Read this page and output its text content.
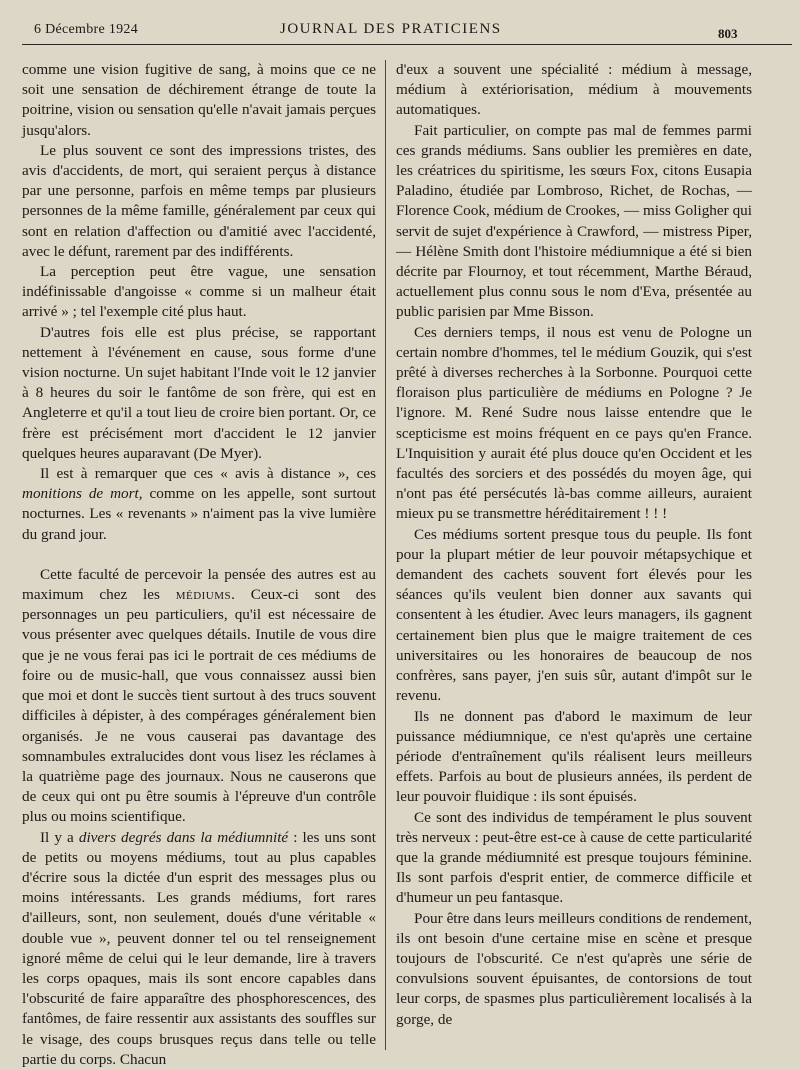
6 Décembre 1924	JOURNAL DES PRATICIENS	803

comme une vision fugitive de sang, à moins que ce ne soit une sensation de déchirement étrange de toute la poitrine, vision ou sensation qu'elle n'avait jamais perçues jusqu'alors.

Le plus souvent ce sont des impressions tristes, des avis d'accidents, de mort, qui seraient perçus à distance par une personne, parfois en même temps par plusieurs personnes de la même famille, généralement par ceux qui sont en relation d'affection ou d'amitié avec l'accidenté, avec le défunt, rarement par des indifférents.

La perception peut être vague, une sensation indéfinissable d'angoisse « comme si un malheur était arrivé » ; tel l'exemple cité plus haut.

D'autres fois elle est plus précise, se rapportant nettement à l'événement en cause, sous forme d'une vision nocturne. Un sujet habitant l'Inde voit le 12 janvier à 8 heures du soir le fantôme de son frère, qui est en Angleterre et qu'il a tout lieu de croire bien portant. Or, ce frère est précisément mort d'accident le 12 janvier quelques heures auparavant (De Myer).

Il est à remarquer que ces « avis à distance », ces monitions de mort, comme on les appelle, sont surtout nocturnes. Les « revenants » n'aiment pas la vive lumière du grand jour.

Cette faculté de percevoir la pensée des autres est au maximum chez les médiums. Ceux-ci sont des personnages un peu particuliers, qu'il est nécessaire de vous présenter avec quelques détails. Inutile de vous dire que je ne vous ferai pas ici le portrait de ces médiums de foire ou de music-hall, que vous connaissez aussi bien que moi et dont le succès tient surtout à des trucs souvent difficiles à dépister, à des compérages généralement bien organisés. Je ne vous causerai pas davantage des somnambules extralucides dont vous lisez les réclames à la quatrième page des journaux. Nous ne causerons que de ceux qui ont pu être soumis à l'épreuve d'un contrôle plus ou moins scientifique.

Il y a divers degrés dans la médiumnité : les uns sont de petits ou moyens médiums, tout au plus capables d'écrire sous la dictée d'un esprit des messages plus ou moins intéressants. Les grands médiums, fort rares d'ailleurs, sont, non seulement, doués d'une véritable « double vue », peuvent donner tel ou tel renseignement ignoré même de celui qui le leur demande, lire à travers les corps opaques, mais ils sont encore capables dans l'obscurité de faire apparaître des phosphorescences, des fantômes, de faire ressentir aux assistants des souffles sur le visage, des coups brusques reçus dans telle ou telle partie du corps. Chacun

d'eux a souvent une spécialité : médium à message, médium à extériorisation, médium à mouvements automatiques.

Fait particulier, on compte pas mal de femmes parmi ces grands médiums. Sans oublier les premières en date, les créatrices du spiritisme, les sœurs Fox, citons Eusapia Paladino, étudiée par Lombroso, Richet, de Rochas, — Florence Cook, médium de Crookes, — miss Goligher qui servit de sujet d'expérience à Crawford, — mistress Piper, — Hélène Smith dont l'histoire médiumnique a été si bien décrite par Flournoy, et tout récemment, Marthe Béraud, actuellement plus connu sous le nom d'Eva, présentée au public parisien par Mme Bisson.

Ces derniers temps, il nous est venu de Pologne un certain nombre d'hommes, tel le médium Gouzik, qui s'est prêté à diverses recherches à la Sorbonne. Pourquoi cette floraison plus particulière de médiums en Pologne ? Je l'ignore. M. René Sudre nous laisse entendre que le scepticisme est moins fréquent en ce pays qu'en France. L'Inquisition y aurait été plus douce qu'en Occident et les facultés des sorciers et des possédés du moyen âge, qui n'ont pas été persécutés là-bas comme ailleurs, auraient mieux pu se transmettre héréditairement ! ! !

Ces médiums sortent presque tous du peuple. Ils font pour la plupart métier de leur pouvoir métapsychique et demandent des cachets souvent fort élevés pour les séances qu'ils veulent bien donner aux savants qui consentent à les étudier. Avec leurs managers, ils gagnent certainement bien plus que le maigre traitement de ces universitaires ou les honoraires de beaucoup de nos confrères, sans payer, j'en suis sûr, autant d'impôt sur le revenu.

Ils ne donnent pas d'abord le maximum de leur puissance médiumnique, ce n'est qu'après une certaine période d'entraînement qu'ils réalisent leurs meilleurs effets. Parfois au bout de plusieurs années, ils perdent de leur pouvoir fluidique : ils sont épuisés.

Ce sont des individus de tempérament le plus souvent très nerveux : peut-être est-ce à cause de cette particularité que la grande médiumnité est presque toujours féminine. Ils sont parfois d'esprit entier, de commerce difficile et d'humeur un peu fantasque.

Pour être dans leurs meilleurs conditions de rendement, ils ont besoin d'une certaine mise en scène et presque toujours de l'obscurité. Ce n'est qu'après une série de convulsions souvent épuisantes, de contorsions de tout leur corps, de spasmes plus particulièrement localisés à la gorge, de
